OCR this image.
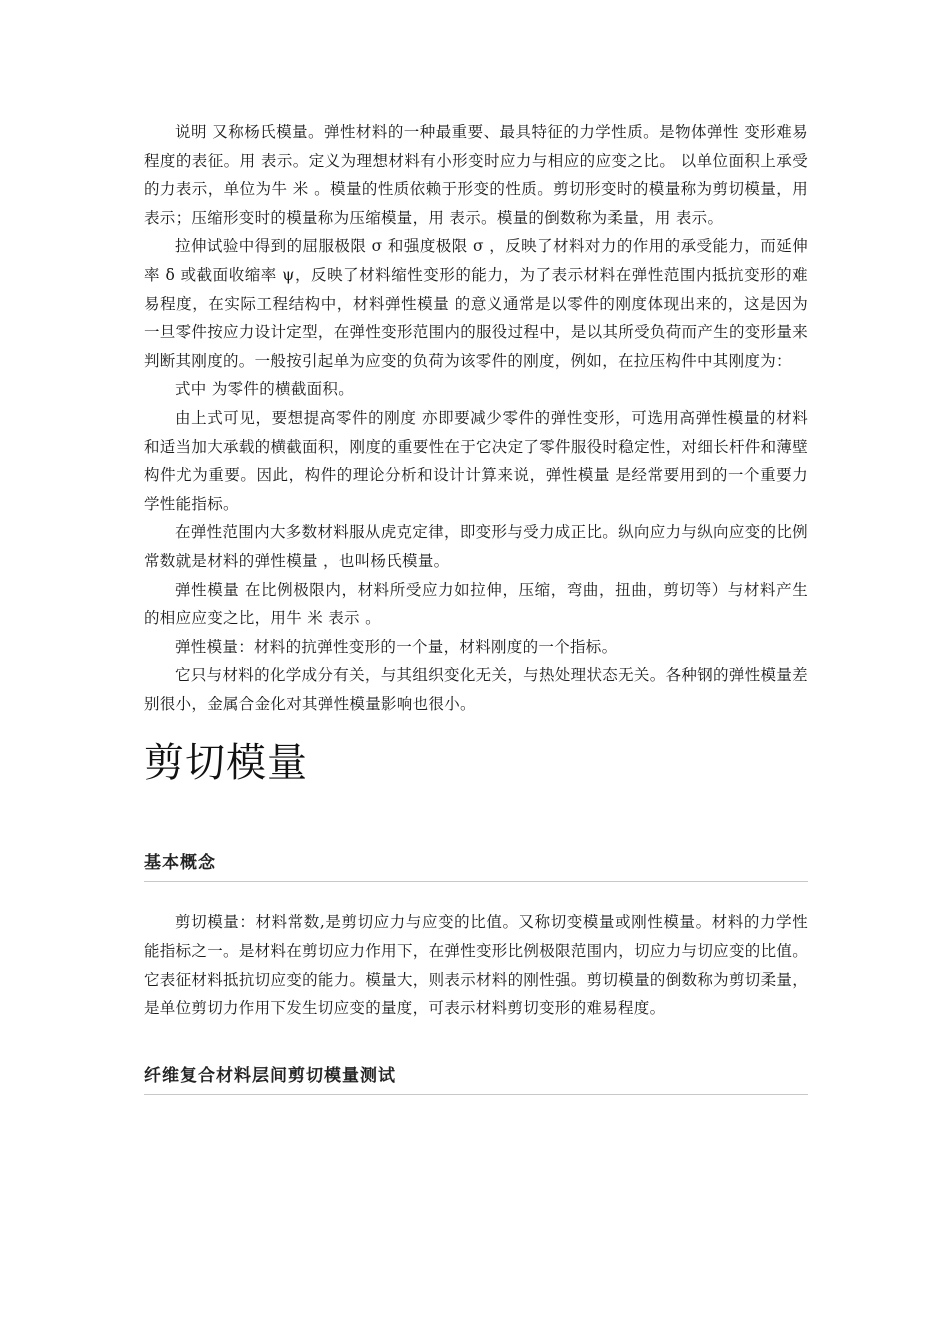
说明 又称杨氏模量。弹性材料的一种最重要、最具特征的力学性质。是物体弹性 变形难易程度的表征。用 表示。定义为理想材料有小形变时应力与相应的应变之比。 以单位面积上承受的力表示，单位为牛 米 。模量的性质依赖于形变的性质。剪切形变时的模量称为剪切模量，用 表示；压缩形变时的模量称为压缩模量，用 表示。模量的倒数称为柔量，用 表示。

拉伸试验中得到的屈服极限 σ 和强度极限 σ ，反映了材料对力的作用的承受能力，而延伸率 δ 或截面收缩率 ψ，反映了材料缩性变形的能力，为了表示材料在弹性范围内抵抗变形的难易程度，在实际工程结构中，材料弹性模量 的意义通常是以零件的刚度体现出来的，这是因为一旦零件按应力设计定型，在弹性变形范围内的服役过程中，是以其所受负荷而产生的变形量来判断其刚度的。一般按引起单为应变的负荷为该零件的刚度，例如，在拉压构件中其刚度为：

式中 为零件的横截面积。

由上式可见，要想提高零件的刚度 亦即要减少零件的弹性变形，可选用高弹性模量的材料和适当加大承载的横截面积，刚度的重要性在于它决定了零件服役时稳定性，对细长杆件和薄壁构件尤为重要。因此，构件的理论分析和设计计算来说，弹性模量 是经常要用到的一个重要力学性能指标。

在弹性范围内大多数材料服从虎克定律，即变形与受力成正比。纵向应力与纵向应变的比例常数就是材料的弹性模量 ，也叫杨氏模量。

弹性模量 在比例极限内，材料所受应力如拉伸，压缩，弯曲，扭曲，剪切等）与材料产生的相应应变之比，用牛 米 表示 。

弹性模量：材料的抗弹性变形的一个量，材料刚度的一个指标。

它只与材料的化学成分有关，与其组织变化无关，与热处理状态无关。各种钢的弹性模量差别很小，金属合金化对其弹性模量影响也很小。

剪切模量
基本概念

剪切模量：材料常数,是剪切应力与应变的比值。又称切变模量或刚性模量。材料的力学性能指标之一。是材料在剪切应力作用下，在弹性变形比例极限范围内，切应力与切应变的比值。它表征材料抵抗切应变的能力。模量大，则表示材料的刚性强。剪切模量的倒数称为剪切柔量，是单位剪切力作用下发生切应变的量度，可表示材料剪切变形的难易程度。

纤维复合材料层间剪切模量测试
